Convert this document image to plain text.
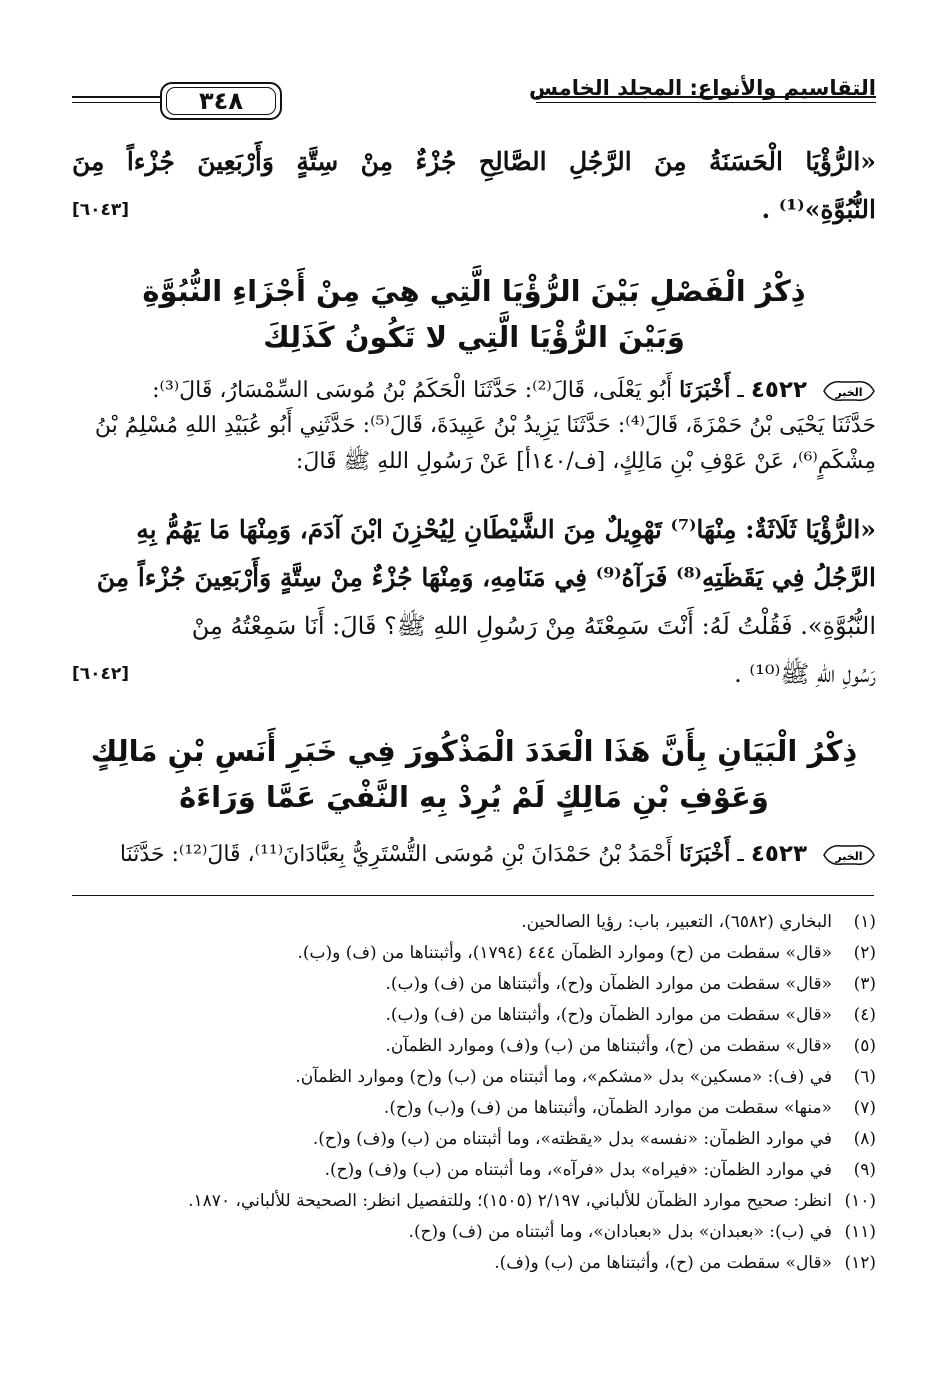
التقاسيم والأنواع: المجلد الخامس
٣٤٨
«الرُّؤْيَا الْحَسَنَةُ مِنَ الرَّجُلِ الصَّالِحِ جُزْءٌ مِنْ سِتَّةٍ وَأَرْبَعِينَ جُزْءاً مِنَ
النُّبُوَّةِ»⁽¹⁾ .
[٦٠٤٣]
ذِكْرُ الْفَصْلِ بَيْنَ الرُّؤْيَا الَّتِي هِيَ مِنْ أَجْزَاءِ النُّبُوَّةِ
وَبَيْنَ الرُّؤْيَا الَّتِي لا تَكُونُ كَذَلِكَ
الخبر
٤٥٢٢ ـ أَخْبَرَنَا أَبُو يَعْلَى، قَالَ⁽²⁾: حَدَّثَنَا الْحَكَمُ بْنُ مُوسَى السِّمْسَارُ، قَالَ⁽³⁾:
حَدَّثَنَا يَحْيَى بْنُ حَمْزَةَ، قَالَ⁽⁴⁾: حَدَّثَنَا يَزِيدُ بْنُ عَبِيدَةَ، قَالَ⁽⁵⁾: حَدَّثَنِي أَبُو عُبَيْدِ اللهِ مُسْلِمُ بْنُ
مِشْكَمٍ⁽⁶⁾، عَنْ عَوْفِ بْنِ مَالِكٍ، [ف/١٤٠أ] عَنْ رَسُولِ اللهِ ﷺ قَالَ:
«الرُّؤْيَا ثَلَاثَةٌ: مِنْهَا⁽⁷⁾ تَهْوِيلٌ مِنَ الشَّيْطَانِ لِيُحْزِنَ ابْنَ آدَمَ، وَمِنْهَا مَا يَهُمُّ بِهِ
الرَّجُلُ فِي يَقَظَتِهِ⁽⁸⁾ فَرَآهُ⁽⁹⁾ فِي مَنَامِهِ، وَمِنْهَا جُزْءٌ مِنْ سِتَّةٍ وَأَرْبَعِينَ جُزْءاً مِنَ
النُّبُوَّةِ». فَقُلْتُ لَهُ: أَنْتَ سَمِعْتَهُ مِنْ رَسُولِ اللهِ ﷺ؟ قَالَ: أَنَا سَمِعْتُهُ مِنْ
رَسُولِ اللهِ ﷺ⁽¹⁰⁾ .
[٦٠٤٢]
ذِكْرُ الْبَيَانِ بِأَنَّ هَذَا الْعَدَدَ الْمَذْكُورَ فِي خَبَرِ أَنَسِ بْنِ مَالِكٍ
وَعَوْفِ بْنِ مَالِكٍ لَمْ يُرِدْ بِهِ النَّفْيَ عَمَّا وَرَاءَهُ
الخبر
٤٥٢٣ ـ أَخْبَرَنَا أَحْمَدُ بْنُ حَمْدَانَ بْنِ مُوسَى التُّسْتَرِيُّ بِعَبَّادَانَ⁽¹¹⁾، قَالَ⁽¹²⁾: حَدَّثَنَا
(١)
البخاري (٦٥٨٢)، التعبير، باب: رؤيا الصالحين.
(٢)
«قال» سقطت من (ح) وموارد الظمآن ٤٤٤ (١٧٩٤)، وأثبتناها من (ف) و(ب).
(٣)
«قال» سقطت من موارد الظمآن و(ح)، وأثبتناها من (ف) و(ب).
(٤)
«قال» سقطت من موارد الظمآن و(ح)، وأثبتناها من (ف) و(ب).
(٥)
«قال» سقطت من (ح)، وأثبتناها من (ب) و(ف) وموارد الظمآن.
(٦)
في (ف): «مسكين» بدل «مشكم»، وما أثبتناه من (ب) و(ح) وموارد الظمآن.
(٧)
«منها» سقطت من موارد الظمآن، وأثبتناها من (ف) و(ب) و(ح).
(٨)
في موارد الظمآن: «نفسه» بدل «يقظته»، وما أثبتناه من (ب) و(ف) و(ح).
(٩)
في موارد الظمآن: «فيراه» بدل «فرآه»، وما أثبتناه من (ب) و(ف) و(ح).
(١٠)
انظر: صحيح موارد الظمآن للألباني، ٢/١٩٧ (١٥٠٥)؛ وللتفصيل انظر: الصحيحة للألباني، ١٨٧٠.
(١١)
في (ب): «بعبدان» بدل «بعبادان»، وما أثبتناه من (ف) و(ح).
(١٢)
«قال» سقطت من (ح)، وأثبتناها من (ب) و(ف).
